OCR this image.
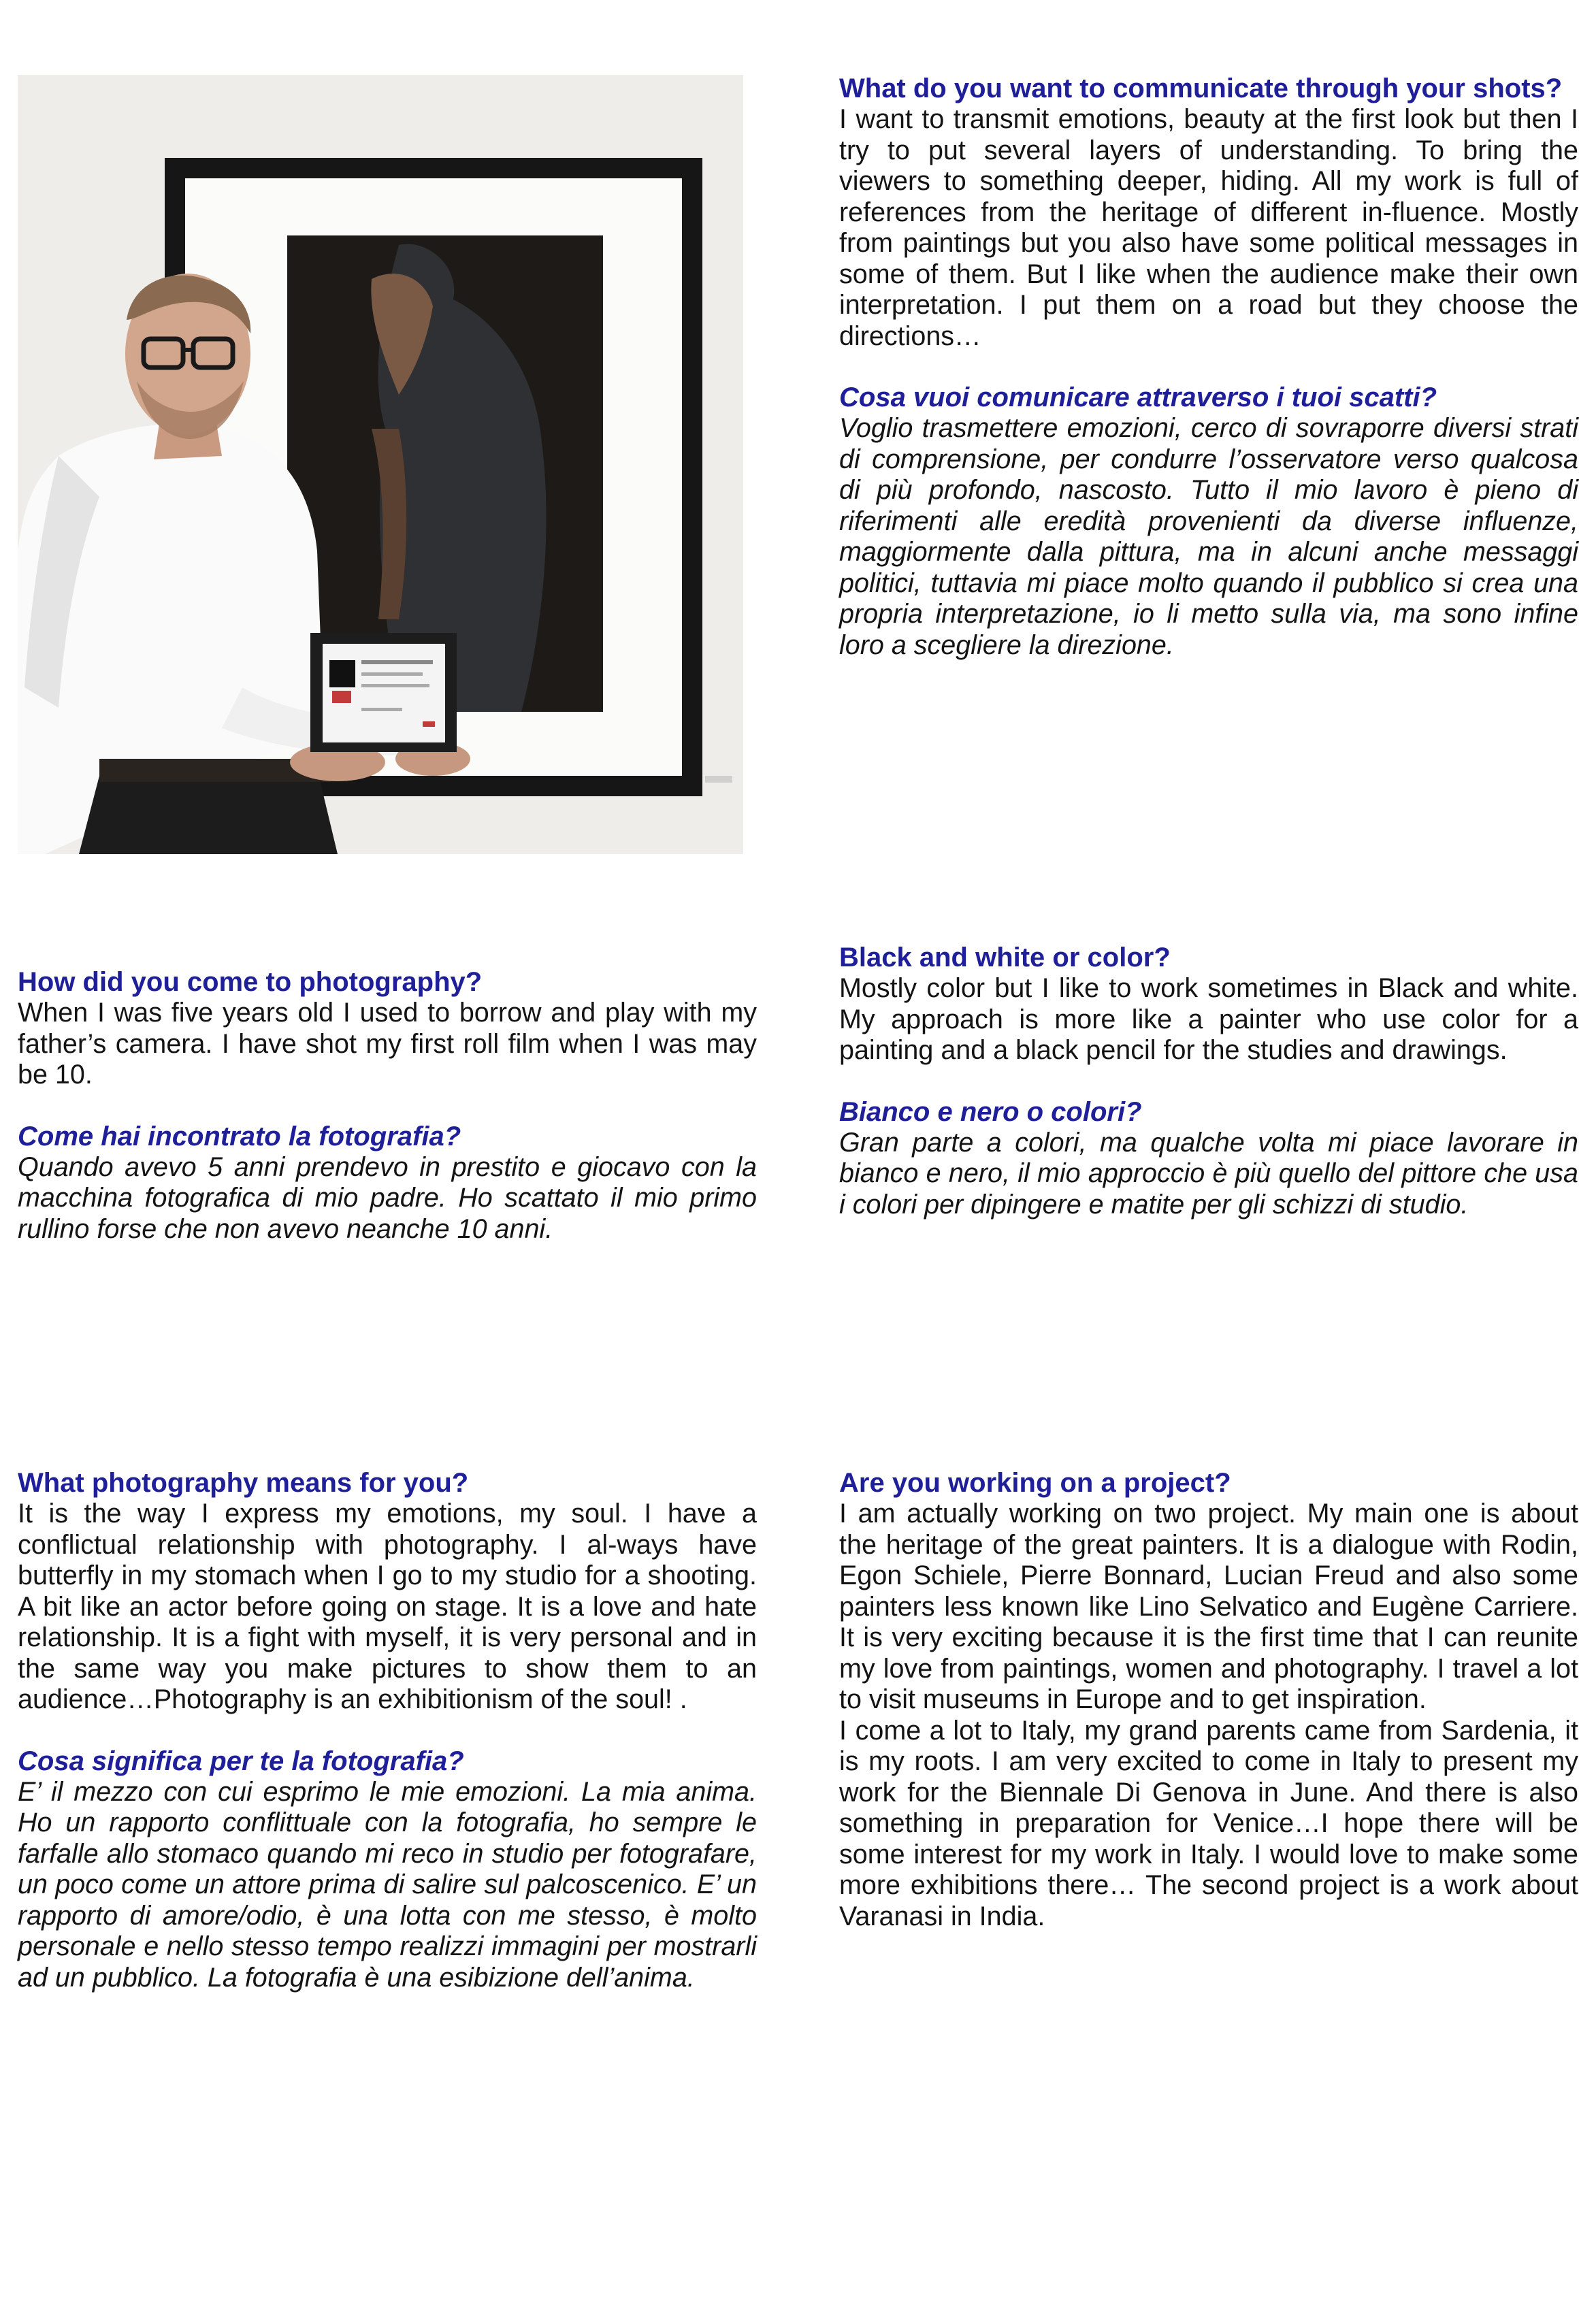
What do you want to communicate through your shots?

I want to transmit emotions, beauty at the first look but then I try to put several layers of understanding. To bring the viewers to something deeper, hiding. All my work is full of references from the heritage of different in-fluence. Mostly from paintings but you also have some political messages in some of them. But I like when the audience make their own interpretation. I put them on a road but they choose the directions…

Cosa vuoi comunicare attraverso i tuoi scatti?

Voglio trasmettere emozioni, cerco di sovraporre diversi strati di comprensione, per condurre l’osservatore verso qualcosa di più profondo, nascosto. Tutto il mio lavoro è pieno di riferimenti alle eredità provenienti da diverse influenze, maggiormente dalla pittura, ma in alcuni anche messaggi politici, tuttavia mi piace molto quando il pubblico si crea una propria interpretazione, io li metto sulla via, ma sono infine loro a scegliere la direzione.

How did you come to photography?

When I was five years old I used to borrow and play with my father’s camera. I have shot my first roll film when I was may be 10.

Come hai incontrato la fotografia?

Quando avevo 5 anni prendevo in prestito e giocavo con la macchina fotografica di mio padre. Ho scattato il mio primo rullino forse che non avevo neanche 10 anni.

Black and white or color?

Mostly color but I like to work sometimes in Black and white. My approach is more like a painter who use color for a painting and a black pencil for the studies and drawings.

Bianco e nero o colori?

Gran parte a colori, ma qualche volta mi piace lavorare in bianco e nero, il mio approccio è più quello del pittore che usa i colori per dipingere e matite per gli schizzi di studio.

What photography means for you?

It is the way I express my emotions, my soul. I have a conflictual relationship with photography. I al-ways have butterfly in my stomach when I go to my studio for a shooting. A bit like an actor before going on stage. It is a love and hate relationship. It is a fight with myself, it is very personal and in the same way you make pictures to show them to an audience…Photography is an exhibitionism of the soul! .

Cosa significa per te la fotografia?

E’ il mezzo con cui esprimo le mie emozioni. La mia anima. Ho un rapporto conflittuale con la fotografia, ho sempre le farfalle allo stomaco quando mi reco in studio per fotografare, un poco come un attore prima di salire sul palcoscenico. E’ un rapporto di amore/odio, è una lotta con me stesso, è molto personale e nello stesso tempo realizzi immagini per mostrarli ad un pubblico. La fotografia è una esibizione dell’anima.

Are you working on a project?

I am actually working on two project. My main one is about the heritage of the great painters. It is a dialogue with Rodin, Egon Schiele, Pierre Bonnard, Lucian Freud and also some painters less known like Lino Selvatico and Eugène Carriere. It is very exciting because it is the first time that I can reunite my love from paintings, women and photography. I travel a lot to visit museums in Europe and to get inspiration.

I come a lot to Italy, my grand parents came from Sardenia, it is my roots. I am very excited to come in Italy to present my work for the Biennale Di Genova in June. And there is also something in preparation for Venice…I hope there will be some interest for my work in Italy. I would love to make some more exhibitions there… The second project is a work about Varanasi in India.
